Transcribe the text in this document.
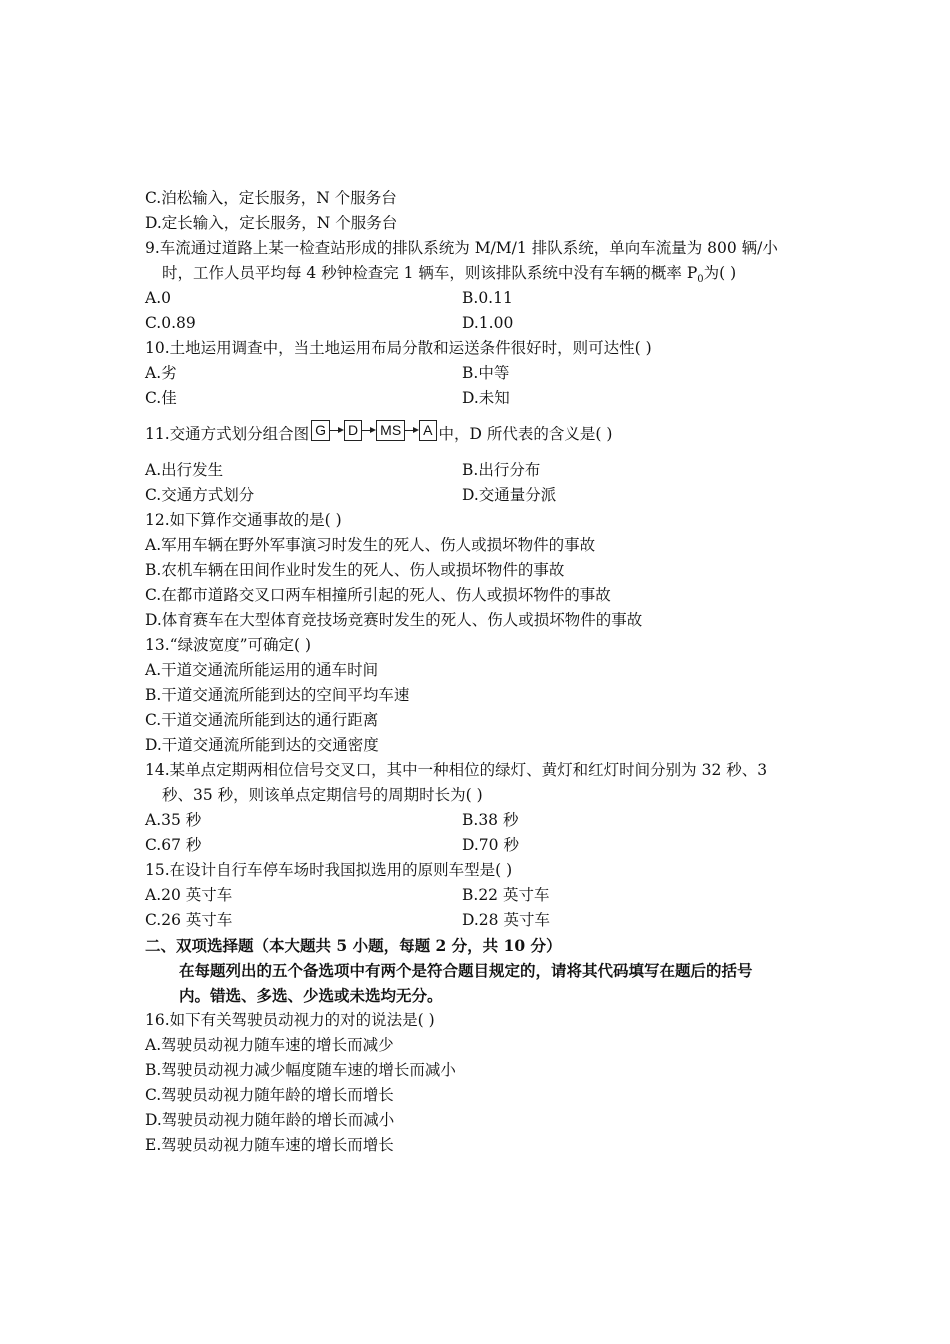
C.泊松输入，定长服务，N 个服务台
D.定长输入，定长服务，N 个服务台
9.车流通过道路上某一检查站形成的排队系统为 M/M/1 排队系统，单向车流量为 800 辆/小
时，工作人员平均每 4 秒钟检查完 1 辆车，则该排队系统中没有车辆的概率 $P_0$为( )
A.0	B.0.11
C.0.89	D.1.00
10.土地运用调查中，当土地运用布局分散和运送条件很好时，则可达性( )
A.劣	B.中等
C.佳	D.未知
11.交通方式划分组合图 G D MS A 中，D 所代表的含义是( )
A.出行发生	B.出行分布
C.交通方式划分	D.交通量分派
12.如下算作交通事故的是( )
A.军用车辆在野外军事演习时发生的死人、伤人或损坏物件的事故
B.农机车辆在田间作业时发生的死人、伤人或损坏物件的事故
C.在都市道路交叉口两车相撞所引起的死人、伤人或损坏物件的事故
D.体育赛车在大型体育竞技场竞赛时发生的死人、伤人或损坏物件的事故
13.“绿波宽度”可确定( )
A.干道交通流所能运用的通车时间
B.干道交通流所能到达的空间平均车速
C.干道交通流所能到达的通行距离
D.干道交通流所能到达的交通密度
14.某单点定期两相位信号交叉口，其中一种相位的绿灯、黄灯和红灯时间分别为 32 秒、3
秒、35 秒，则该单点定期信号的周期时长为( )
A.35 秒	B.38 秒
C.67 秒	D.70 秒
15.在设计自行车停车场时我国拟选用的原则车型是( )
A.20 英寸车	B.22 英寸车
C.26 英寸车	D.28 英寸车
二、双项选择题（本大题共 5 小题，每题 2 分，共 10 分）
在每题列出的五个备选项中有两个是符合题目规定的，请将其代码填写在题后的括号
内。错选、多选、少选或未选均无分。
16.如下有关驾驶员动视力的对的说法是( )
A.驾驶员动视力随车速的增长而减少
B.驾驶员动视力减少幅度随车速的增长而减小
C.驾驶员动视力随年龄的增长而增长
D.驾驶员动视力随年龄的增长而减小
E.驾驶员动视力随车速的增长而增长
